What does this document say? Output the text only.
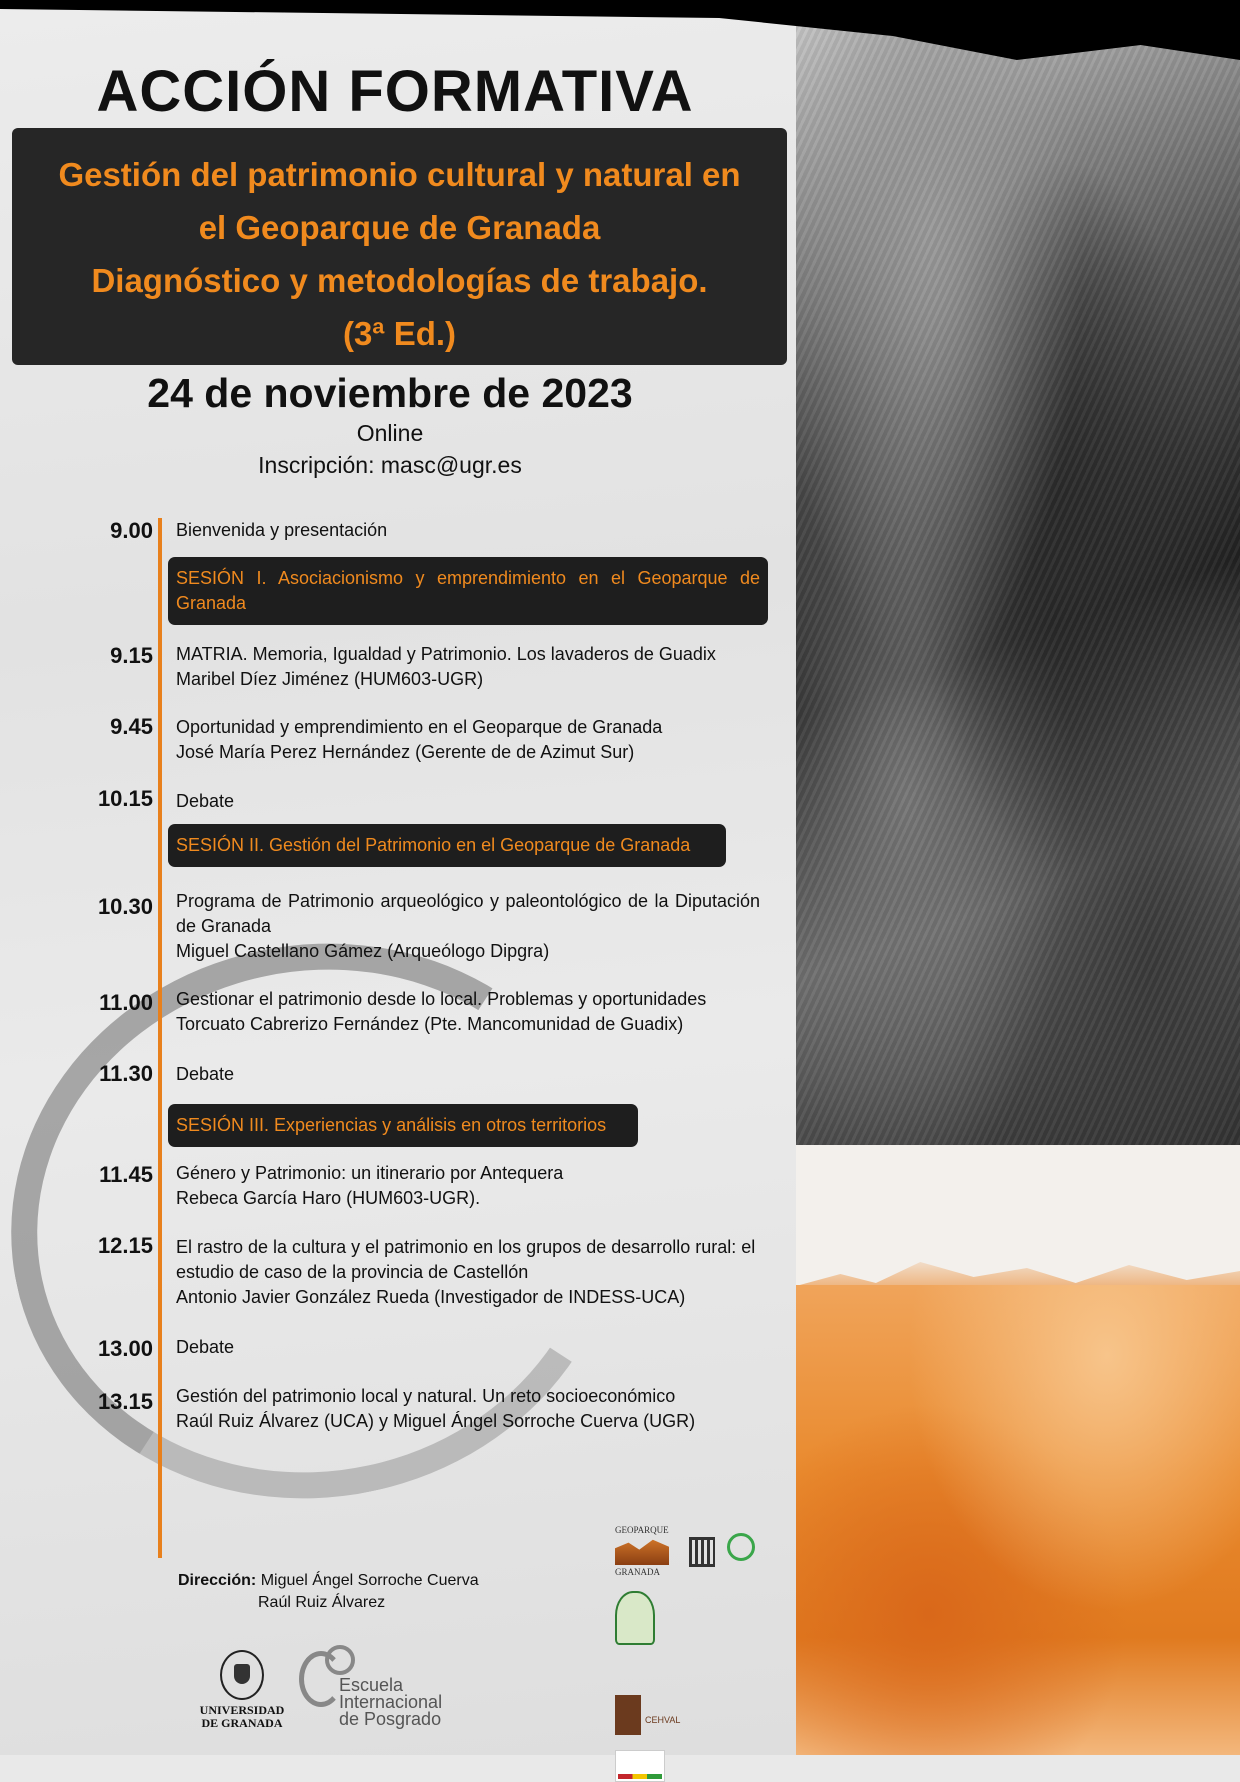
ACCIÓN FORMATIVA
Gestión del patrimonio cultural y natural en
el Geoparque de Granada
Diagnóstico y metodologías de trabajo.
(3ª Ed.)
24 de noviembre de 2023
Online
Inscripción: masc@ugr.es
9.00 Bienvenida y presentación
SESIÓN I. Asociacionismo y emprendimiento en el Geoparque de Granada
9.15 MATRIA. Memoria, Igualdad y Patrimonio. Los lavaderos de Guadix
Maribel Díez Jiménez (HUM603-UGR)
9.45 Oportunidad y emprendimiento en el Geoparque de Granada
José María Perez Hernández (Gerente de de Azimut Sur)
10.15 Debate
SESIÓN II. Gestión del Patrimonio en el Geoparque de Granada
10.30 Programa de Patrimonio arqueológico y paleontológico de la Diputación de Granada
Miguel Castellano Gámez (Arqueólogo Dipgra)
11.00 Gestionar el patrimonio desde lo local. Problemas y oportunidades
Torcuato Cabrerizo Fernández (Pte. Mancomunidad de Guadix)
11.30 Debate
SESIÓN III. Experiencias y análisis en otros territorios
11.45 Género y Patrimonio: un itinerario por Antequera
Rebeca García Haro (HUM603-UGR).
12.15 El rastro de la cultura y el patrimonio en los grupos de desarrollo rural: el estudio de caso de la provincia de Castellón
Antonio Javier González Rueda (Investigador de INDESS-UCA)
13.00 Debate
13.15 Gestión del patrimonio local y natural. Un reto socioeconómico
Raúl Ruiz Álvarez (UCA) y Miguel Ángel Sorroche Cuerva (UGR)
Dirección: Miguel Ángel Sorroche Cuerva
Raúl Ruiz Álvarez
UNIVERSIDAD
DE GRANADA
Escuela
Internacional
de Posgrado
GEOPARQUE
GRANADA
CEHVAL
